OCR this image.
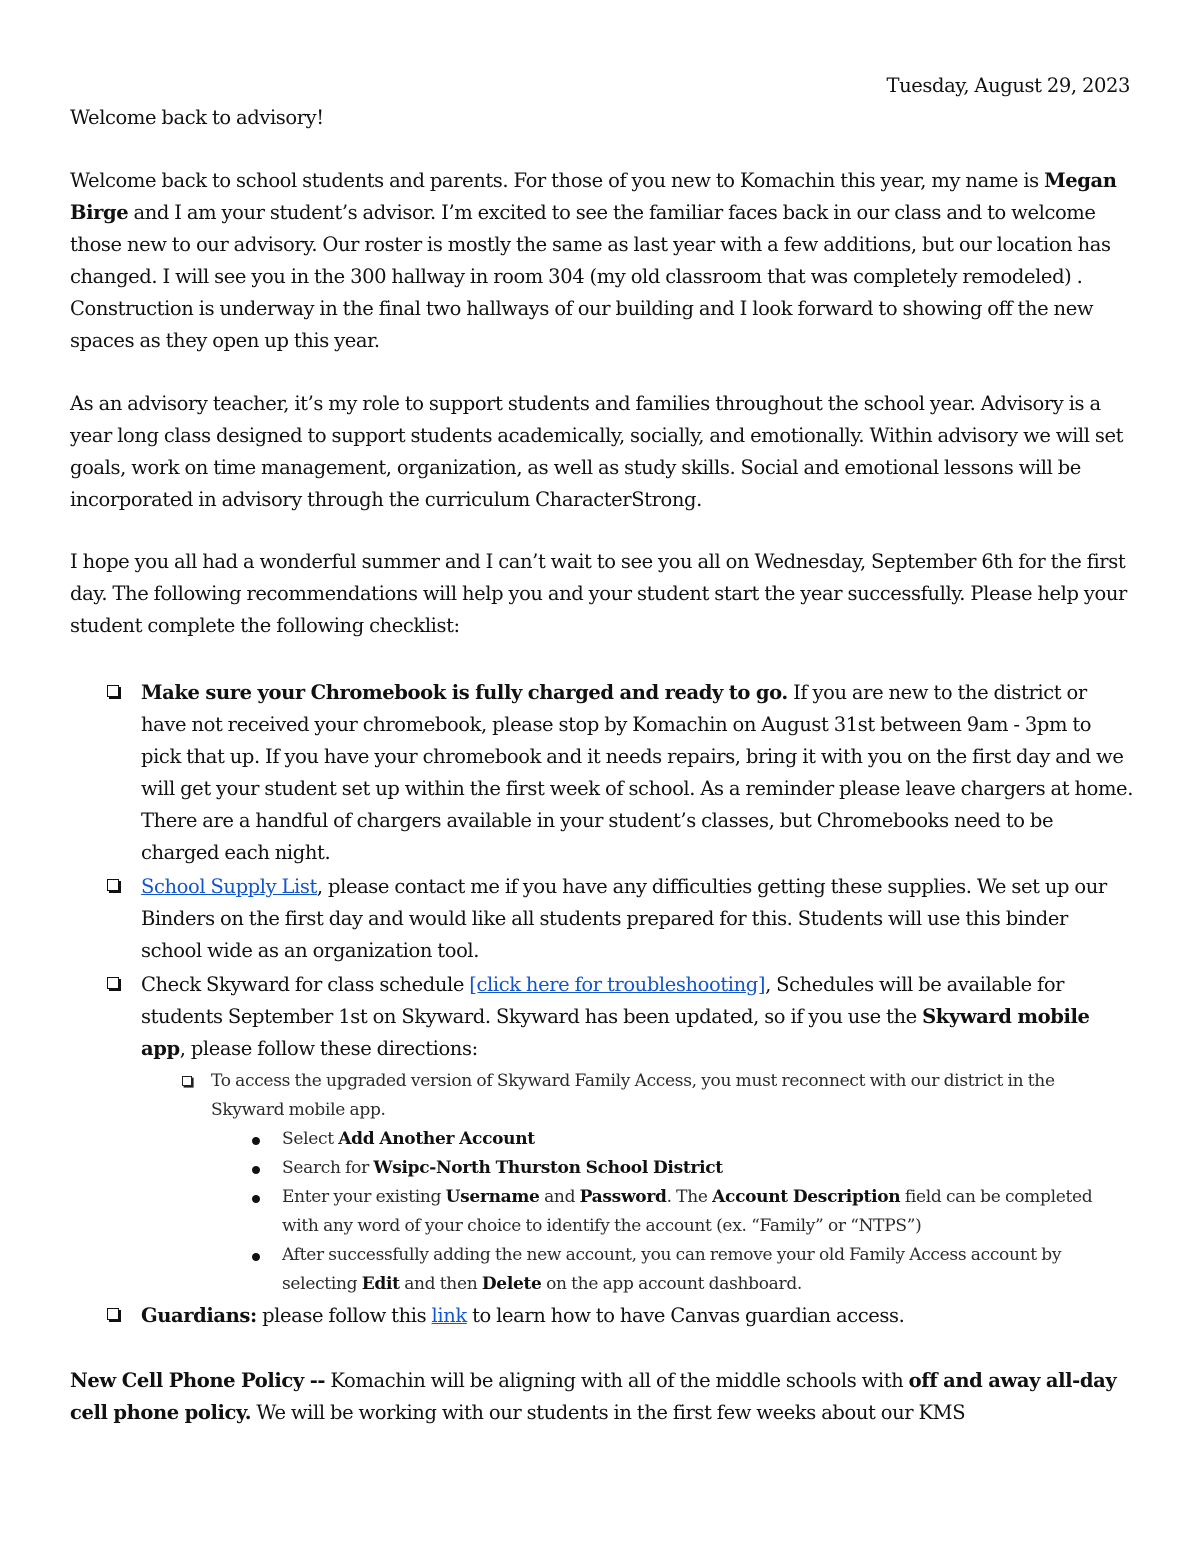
Tuesday, August 29, 2023

Welcome back to advisory!

Welcome back to school students and parents. For those of you new to Komachin this year, my name is Megan Birge and I am your student’s advisor. I’m excited to see the familiar faces back in our class and to welcome those new to our advisory. Our roster is mostly the same as last year with a few additions, but our location has changed. I will see you in the 300 hallway in room 304 (my old classroom that was completely remodeled) . Construction is underway in the final two hallways of our building and I look forward to showing off the new spaces as they open up this year.

As an advisory teacher, it’s my role to support students and families throughout the school year. Advisory is a year long class designed to support students academically, socially, and emotionally. Within advisory we will set goals, work on time management, organization, as well as study skills. Social and emotional lessons will be incorporated in advisory through the curriculum CharacterStrong.

I hope you all had a wonderful summer and I can’t wait to see you all on Wednesday, September 6th for the first day. The following recommendations will help you and your student start the year successfully. Please help your student complete the following checklist:

Make sure your Chromebook is fully charged and ready to go. If you are new to the district or have not received your chromebook, please stop by Komachin on August 31st between 9am - 3pm to pick that up. If you have your chromebook and it needs repairs, bring it with you on the first day and we will get your student set up within the first week of school. As a reminder please leave chargers at home. There are a handful of chargers available in your student’s classes, but Chromebooks need to be charged each night.

School Supply List, please contact me if you have any difficulties getting these supplies. We set up our Binders on the first day and would like all students prepared for this. Students will use this binder school wide as an organization tool.

Check Skyward for class schedule [click here for troubleshooting], Schedules will be available for students September 1st on Skyward. Skyward has been updated, so if you use the Skyward mobile app, please follow these directions:

To access the upgraded version of Skyward Family Access, you must reconnect with our district in the Skyward mobile app.

Select Add Another Account

Search for Wsipc-North Thurston School District

Enter your existing Username and Password. The Account Description field can be completed with any word of your choice to identify the account (ex. “Family” or “NTPS”)

After successfully adding the new account, you can remove your old Family Access account by selecting Edit and then Delete on the app account dashboard.

Guardians: please follow this link to learn how to have Canvas guardian access.

New Cell Phone Policy -- Komachin will be aligning with all of the middle schools with off and away all-day cell phone policy. We will be working with our students in the first few weeks about our KMS
